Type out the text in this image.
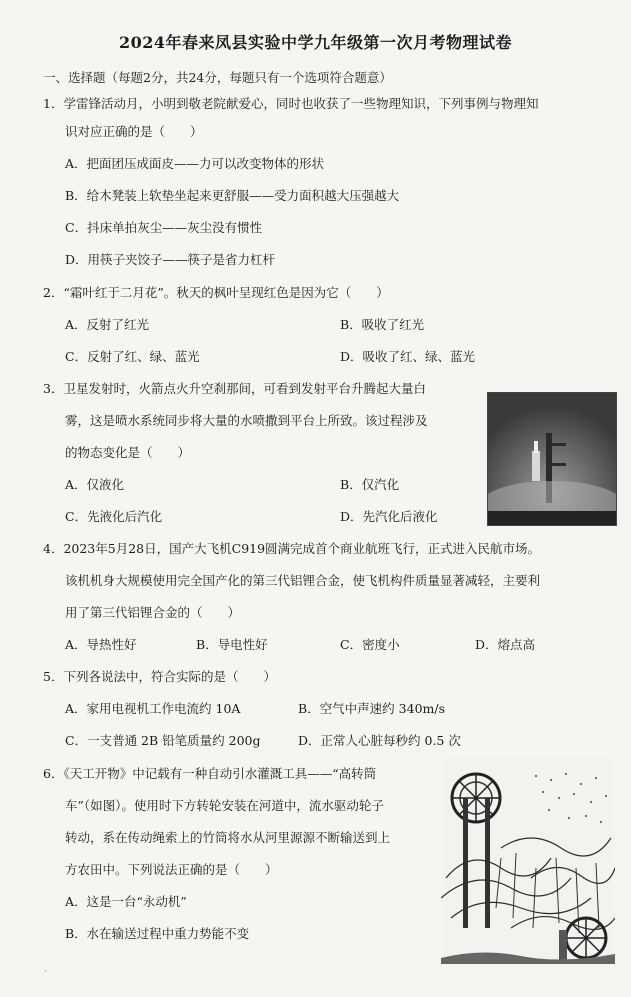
2024年春来凤县实验中学九年级第一次月考物理试卷
一、选择题（每题2分，共24分，每题只有一个选项符合题意）
1．学雷锋活动月，小明到敬老院献爱心，同时也收获了一些物理知识，下列事例与物理知
识对应正确的是（　　）
A．把面团压成面皮——力可以改变物体的形状
B．给木凳装上软垫坐起来更舒服——受力面积越大压强越大
C．抖床单拍灰尘——灰尘没有惯性
D．用筷子夹饺子——筷子是省力杠杆
2．“霜叶红于二月花”。秋天的枫叶呈现红色是因为它（　　）
A．反射了红光	B．吸收了红光
C．反射了红、绿、蓝光	D．吸收了红、绿、蓝光
3．卫星发射时，火箭点火升空刹那间，可看到发射平台升腾起大量白
雾，这是喷水系统同步将大量的水喷撒到平台上所致。该过程涉及
的物态变化是（　　）
A．仅液化	B．仅汽化
C．先液化后汽化	D．先汽化后液化
4．2023年5月28日，国产大飞机C919圆满完成首个商业航班飞行，正式进入民航市场。
该机机身大规模使用完全国产化的第三代铝锂合金，使飞机构件质量显著减轻，主要利
用了第三代铝锂合金的（　　）
A．导热性好	B．导电性好	C．密度小	D．熔点高
5．下列各说法中，符合实际的是（　　）
A．家用电视机工作电流约 10A	B．空气中声速约 340m/s
C．一支普通 2B 铅笔质量约 200g	D．正常人心脏每秒约 0.5 次
6．《天工开物》中记载有一种自动引水灌溉工具——“高转筒
车”（如图）。使用时下方转轮安装在河道中，流水驱动轮子
转动，系在传动绳索上的竹筒将水从河里源源不断输送到上
方农田中。下列说法正确的是（　　）
A．这是一台“永动机”
B．水在输送过程中重力势能不变
˙
